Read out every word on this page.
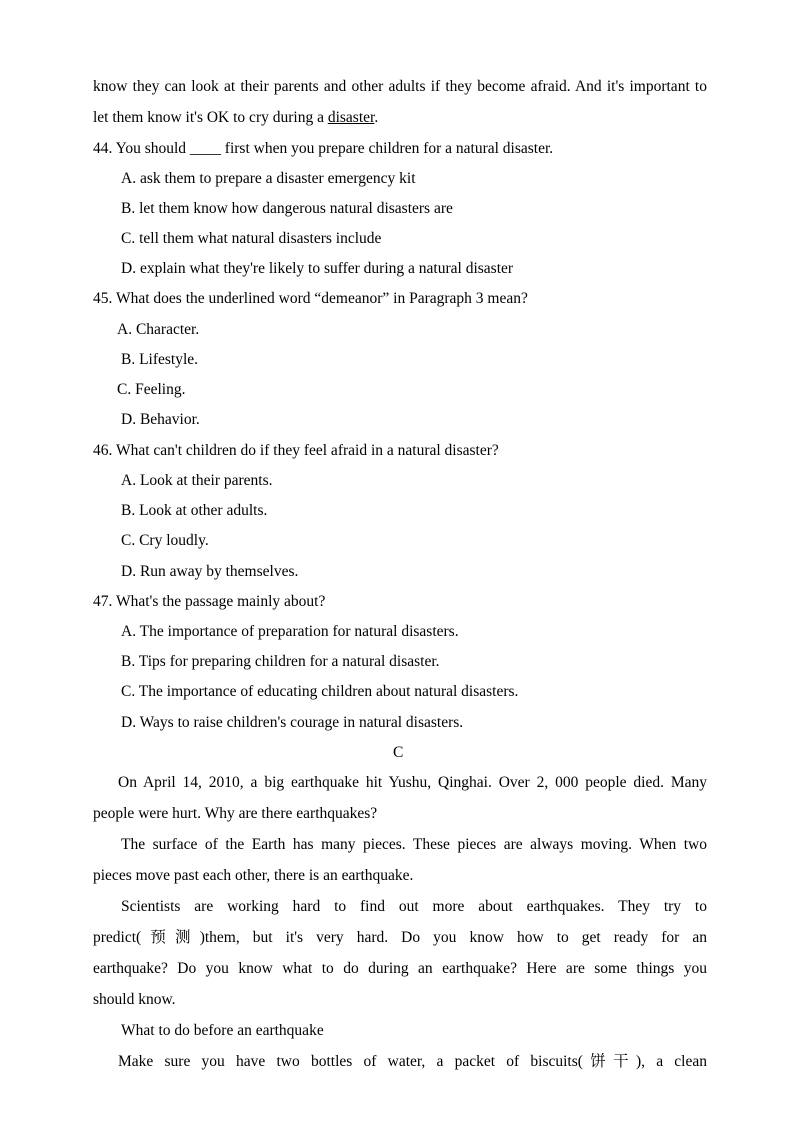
know they can look at their parents and other adults if they become afraid. And it's important to
let them know it's OK to cry during a disaster.
44. You should ____ first when you prepare children for a natural disaster.
A. ask them to prepare a disaster emergency kit
B. let them know how dangerous natural disasters are
C. tell them what natural disasters include
D. explain what they're likely to suffer during a natural disaster
45. What does the underlined word “demeanor” in Paragraph 3 mean?
A. Character.
B. Lifestyle.
C. Feeling.
D. Behavior.
46. What can't children do if they feel afraid in a natural disaster?
A. Look at their parents.
B. Look at other adults.
C. Cry loudly.
D. Run away by themselves.
47. What's the passage mainly about?
A. The importance of preparation for natural disasters.
B. Tips for preparing children for a natural disaster.
C. The importance of educating children about natural disasters.
D. Ways to raise children's courage in natural disasters.
C
On April 14, 2010, a big earthquake hit Yushu, Qinghai. Over 2, 000 people died. Many
people were hurt. Why are there earthquakes?
The surface of the Earth has many pieces. These pieces are always moving. When two
pieces move past each other, there is an earthquake.
Scientists are working hard to find out more about earthquakes. They try to
predict(预测)them, but it's very hard. Do you know how to get ready for an
earthquake? Do you know what to do during an earthquake? Here are some things you
should know.
What to do before an earthquake
Make sure you have two bottles of water, a packet of biscuits(饼干), a clean
